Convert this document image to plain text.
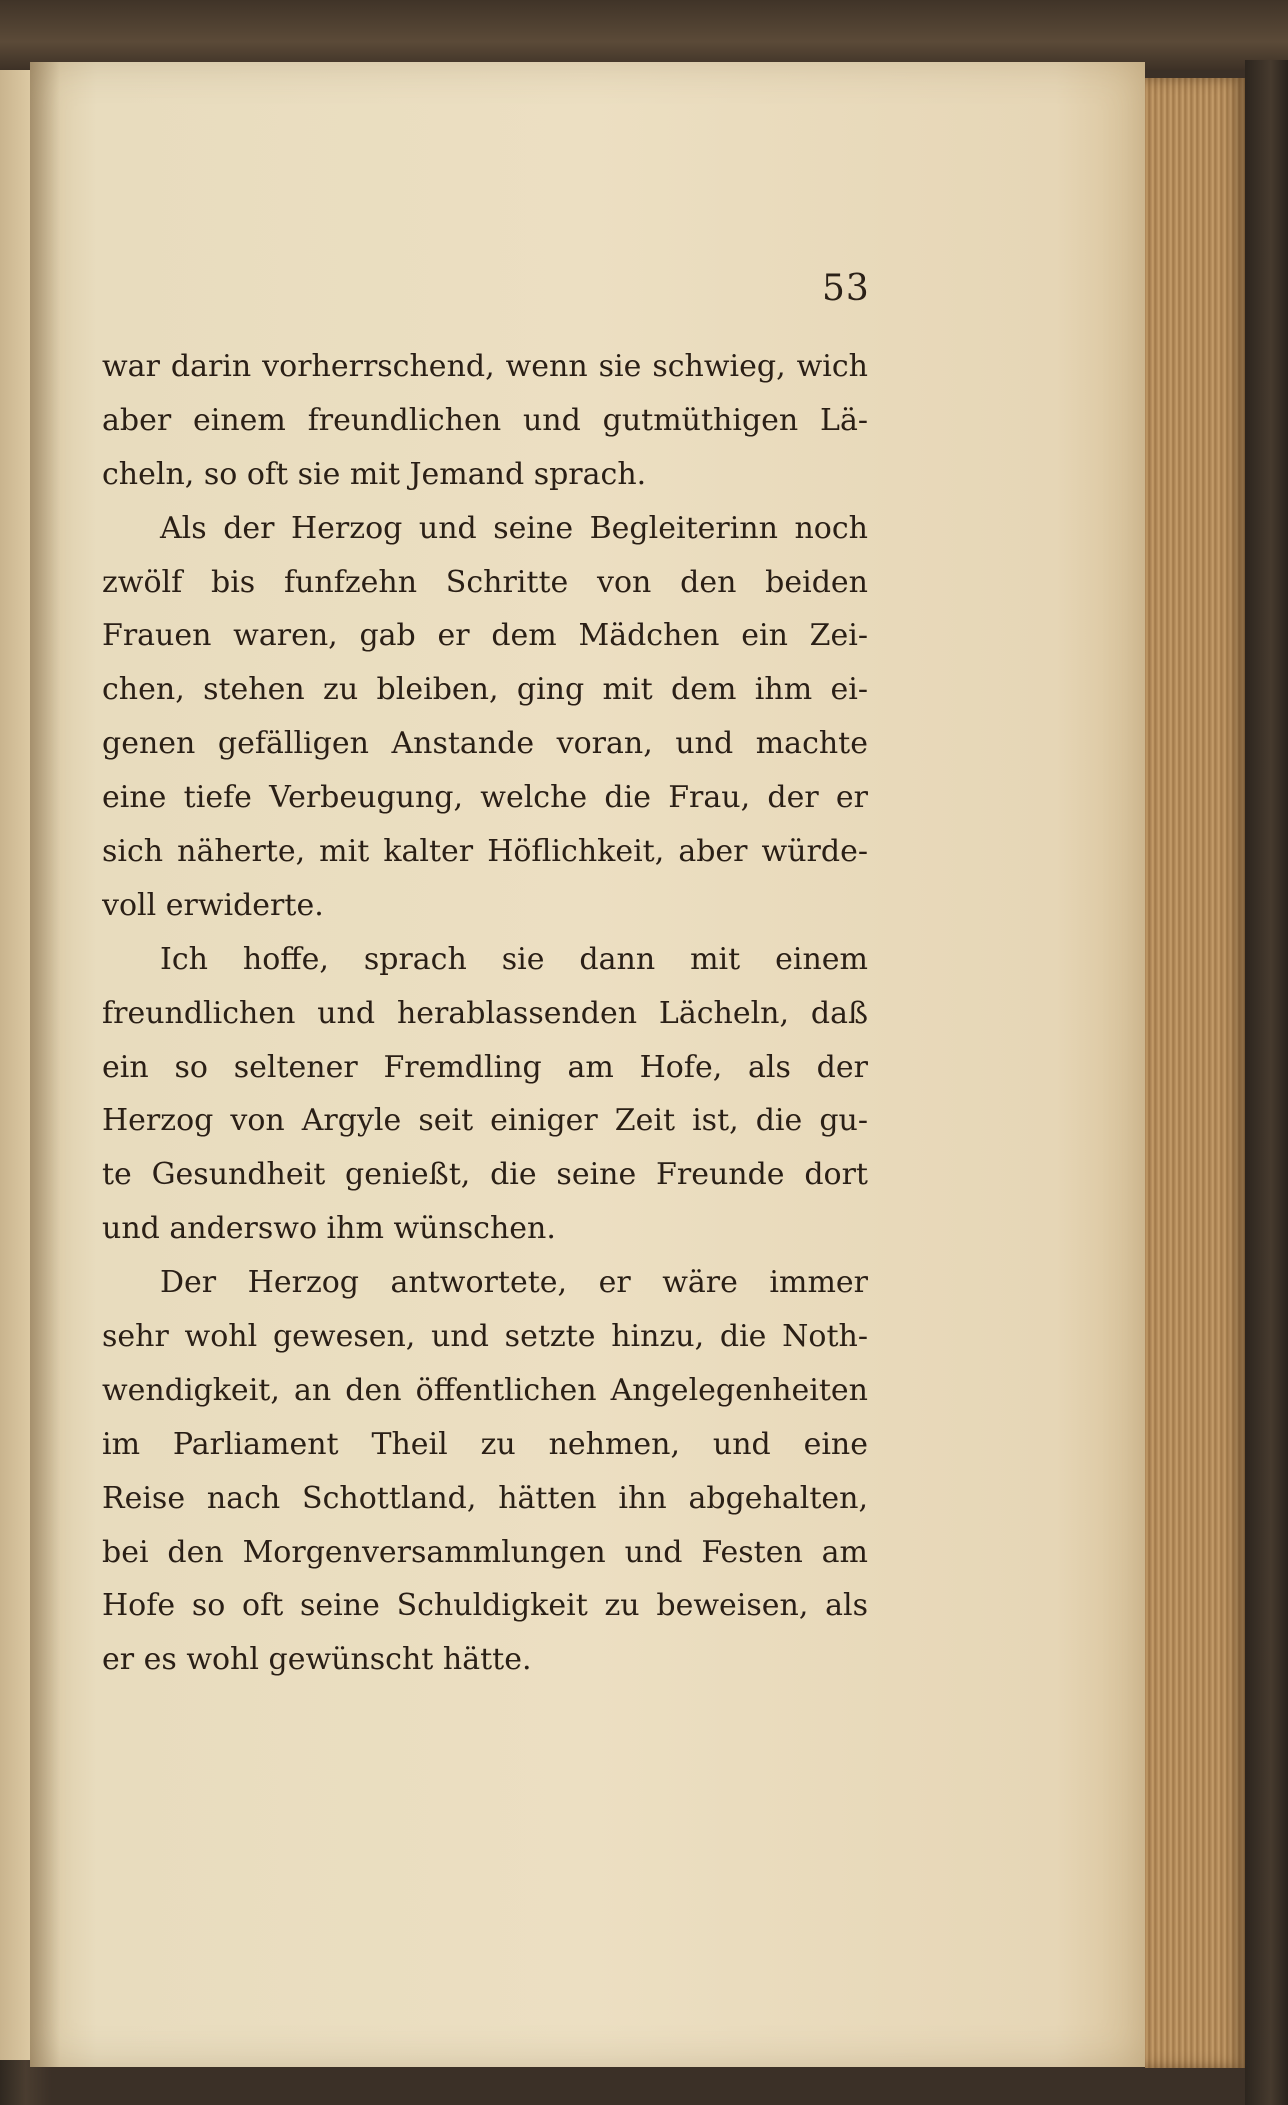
53
war darin vorherrschend, wenn sie schwieg, wich
aber einem freundlichen und gutmüthigen Lä-
cheln, so oft sie mit Jemand sprach.
Als der Herzog und seine Begleiterinn noch
zwölf bis funfzehn Schritte von den beiden
Frauen waren, gab er dem Mädchen ein Zei-
chen, stehen zu bleiben, ging mit dem ihm ei-
genen gefälligen Anstande voran, und machte
eine tiefe Verbeugung, welche die Frau, der er
sich näherte, mit kalter Höflichkeit, aber würde-
voll erwiderte.
Ich hoffe, sprach sie dann mit einem
freundlichen und herablassenden Lächeln, daß
ein so seltener Fremdling am Hofe, als der
Herzog von Argyle seit einiger Zeit ist, die gu-
te Gesundheit genießt, die seine Freunde dort
und anderswo ihm wünschen.
Der Herzog antwortete, er wäre immer
sehr wohl gewesen, und setzte hinzu, die Noth-
wendigkeit, an den öffentlichen Angelegenheiten
im Parliament Theil zu nehmen, und eine
Reise nach Schottland, hätten ihn abgehalten,
bei den Morgenversammlungen und Festen am
Hofe so oft seine Schuldigkeit zu beweisen, als
er es wohl gewünscht hätte.
